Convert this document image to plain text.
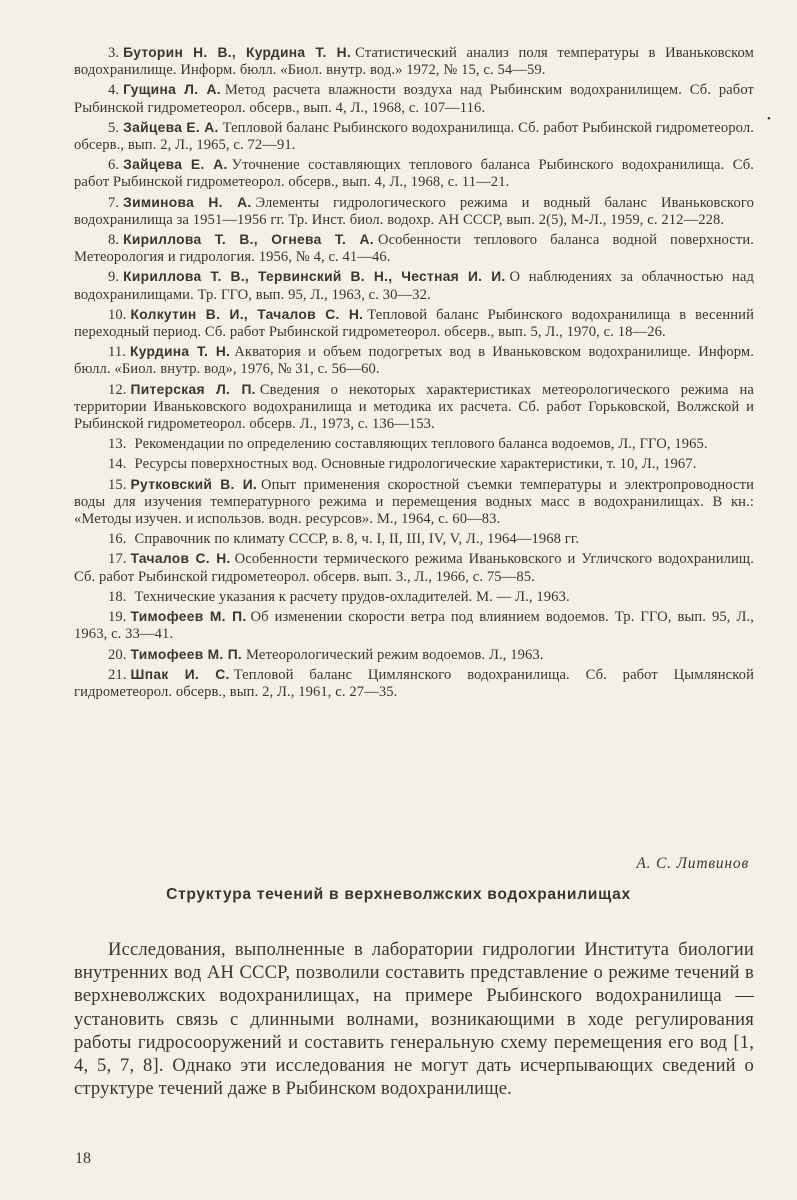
3. Буторин Н. В., Курдина Т. Н. Статистический анализ поля температуры в Иваньковском водохранилище. Информ. бюлл. «Биол. внутр. вод.» 1972, № 15, с. 54—59.

4. Гущина Л. А. Метод расчета влажности воздуха над Рыбинским водохранилищем. Сб. работ Рыбинской гидрометеорол. обсерв., вып. 4, Л., 1968, с. 107—116.

5. Зайцева Е. А. Тепловой баланс Рыбинского водохранилища. Сб. работ Рыбинской гидрометеорол. обсерв., вып. 2, Л., 1965, с. 72—91.

6. Зайцева Е. А. Уточнение составляющих теплового баланса Рыбинского водохранилища. Сб. работ Рыбинской гидрометеорол. обсерв., вып. 4, Л., 1968, с. 11—21.

7. Зиминова Н. А. Элементы гидрологического режима и водный баланс Иваньковского водохранилища за 1951—1956 гг. Тр. Инст. биол. водохр. АН СССР, вып. 2(5), М-Л., 1959, с. 212—228.

8. Кириллова Т. В., Огнева Т. А. Особенности теплового баланса водной поверхности. Метеорология и гидрология. 1956, № 4, с. 41—46.

9. Кириллова Т. В., Тервинский В. Н., Честная И. И. О наблюдениях за облачностью над водохранилищами. Тр. ГГО, вып. 95, Л., 1963, с. 30—32.

10. Колкутин В. И., Тачалов С. Н. Тепловой баланс Рыбинского водохранилища в весенний переходный период. Сб. работ Рыбинской гидрометеорол. обсерв., вып. 5, Л., 1970, с. 18—26.

11. Курдина Т. Н. Акватория и объем подогретых вод в Иваньковском водохранилище. Информ. бюлл. «Биол. внутр. вод», 1976, № 31, с. 56—60.

12. Питерская Л. П. Сведения о некоторых характеристиках метеорологического режима на территории Иваньковского водохранилища и методика их расчета. Сб. работ Горьковской, Волжской и Рыбинской гидрометеорол. обсерв. Л., 1973, с. 136—153.

13. Рекомендации по определению составляющих теплового баланса водоемов, Л., ГГО, 1965.

14. Ресурсы поверхностных вод. Основные гидрологические характеристики, т. 10, Л., 1967.

15. Рутковский В. И. Опыт применения скоростной съемки температуры и электропроводности воды для изучения температурного режима и перемещения водных масс в водохранилищах. В кн.: «Методы изучен. и использов. водн. ресурсов». М., 1964, с. 60—83.

16. Справочник по климату СССР, в. 8, ч. I, II, III, IV, V, Л., 1964—1968 гг.

17. Тачалов С. Н. Особенности термического режима Иваньковского и Угличского водохранилищ. Сб. работ Рыбинской гидрометеорол. обсерв. вып. 3., Л., 1966, с. 75—85.

18. Технические указания к расчету прудов-охладителей. М. — Л., 1963.

19. Тимофеев М. П. Об изменении скорости ветра под влиянием водоемов. Тр. ГГО, вып. 95, Л., 1963, с. 33—41.

20. Тимофеев М. П. Метеорологический режим водоемов. Л., 1963.

21. Шпак И. С. Тепловой баланс Цимлянского водохранилища. Сб. работ Цымлянской гидрометеорол. обсерв., вып. 2, Л., 1961, с. 27—35.

А. С. Литвинов
Структура течений в верхневолжских водохранилищах

Исследования, выполненные в лаборатории гидрологии Института биологии внутренних вод АН СССР, позволили составить представление о режиме течений в верхневолжских водохранилищах, на примере Рыбинского водохранилища — установить связь с длинными волнами, возникающими в ходе регулирования работы гидросооружений и составить генеральную схему перемещения его вод [1, 4, 5, 7, 8]. Однако эти исследования не могут дать исчерпывающих сведений о структуре течений даже в Рыбинском водохранилище.

18
•
